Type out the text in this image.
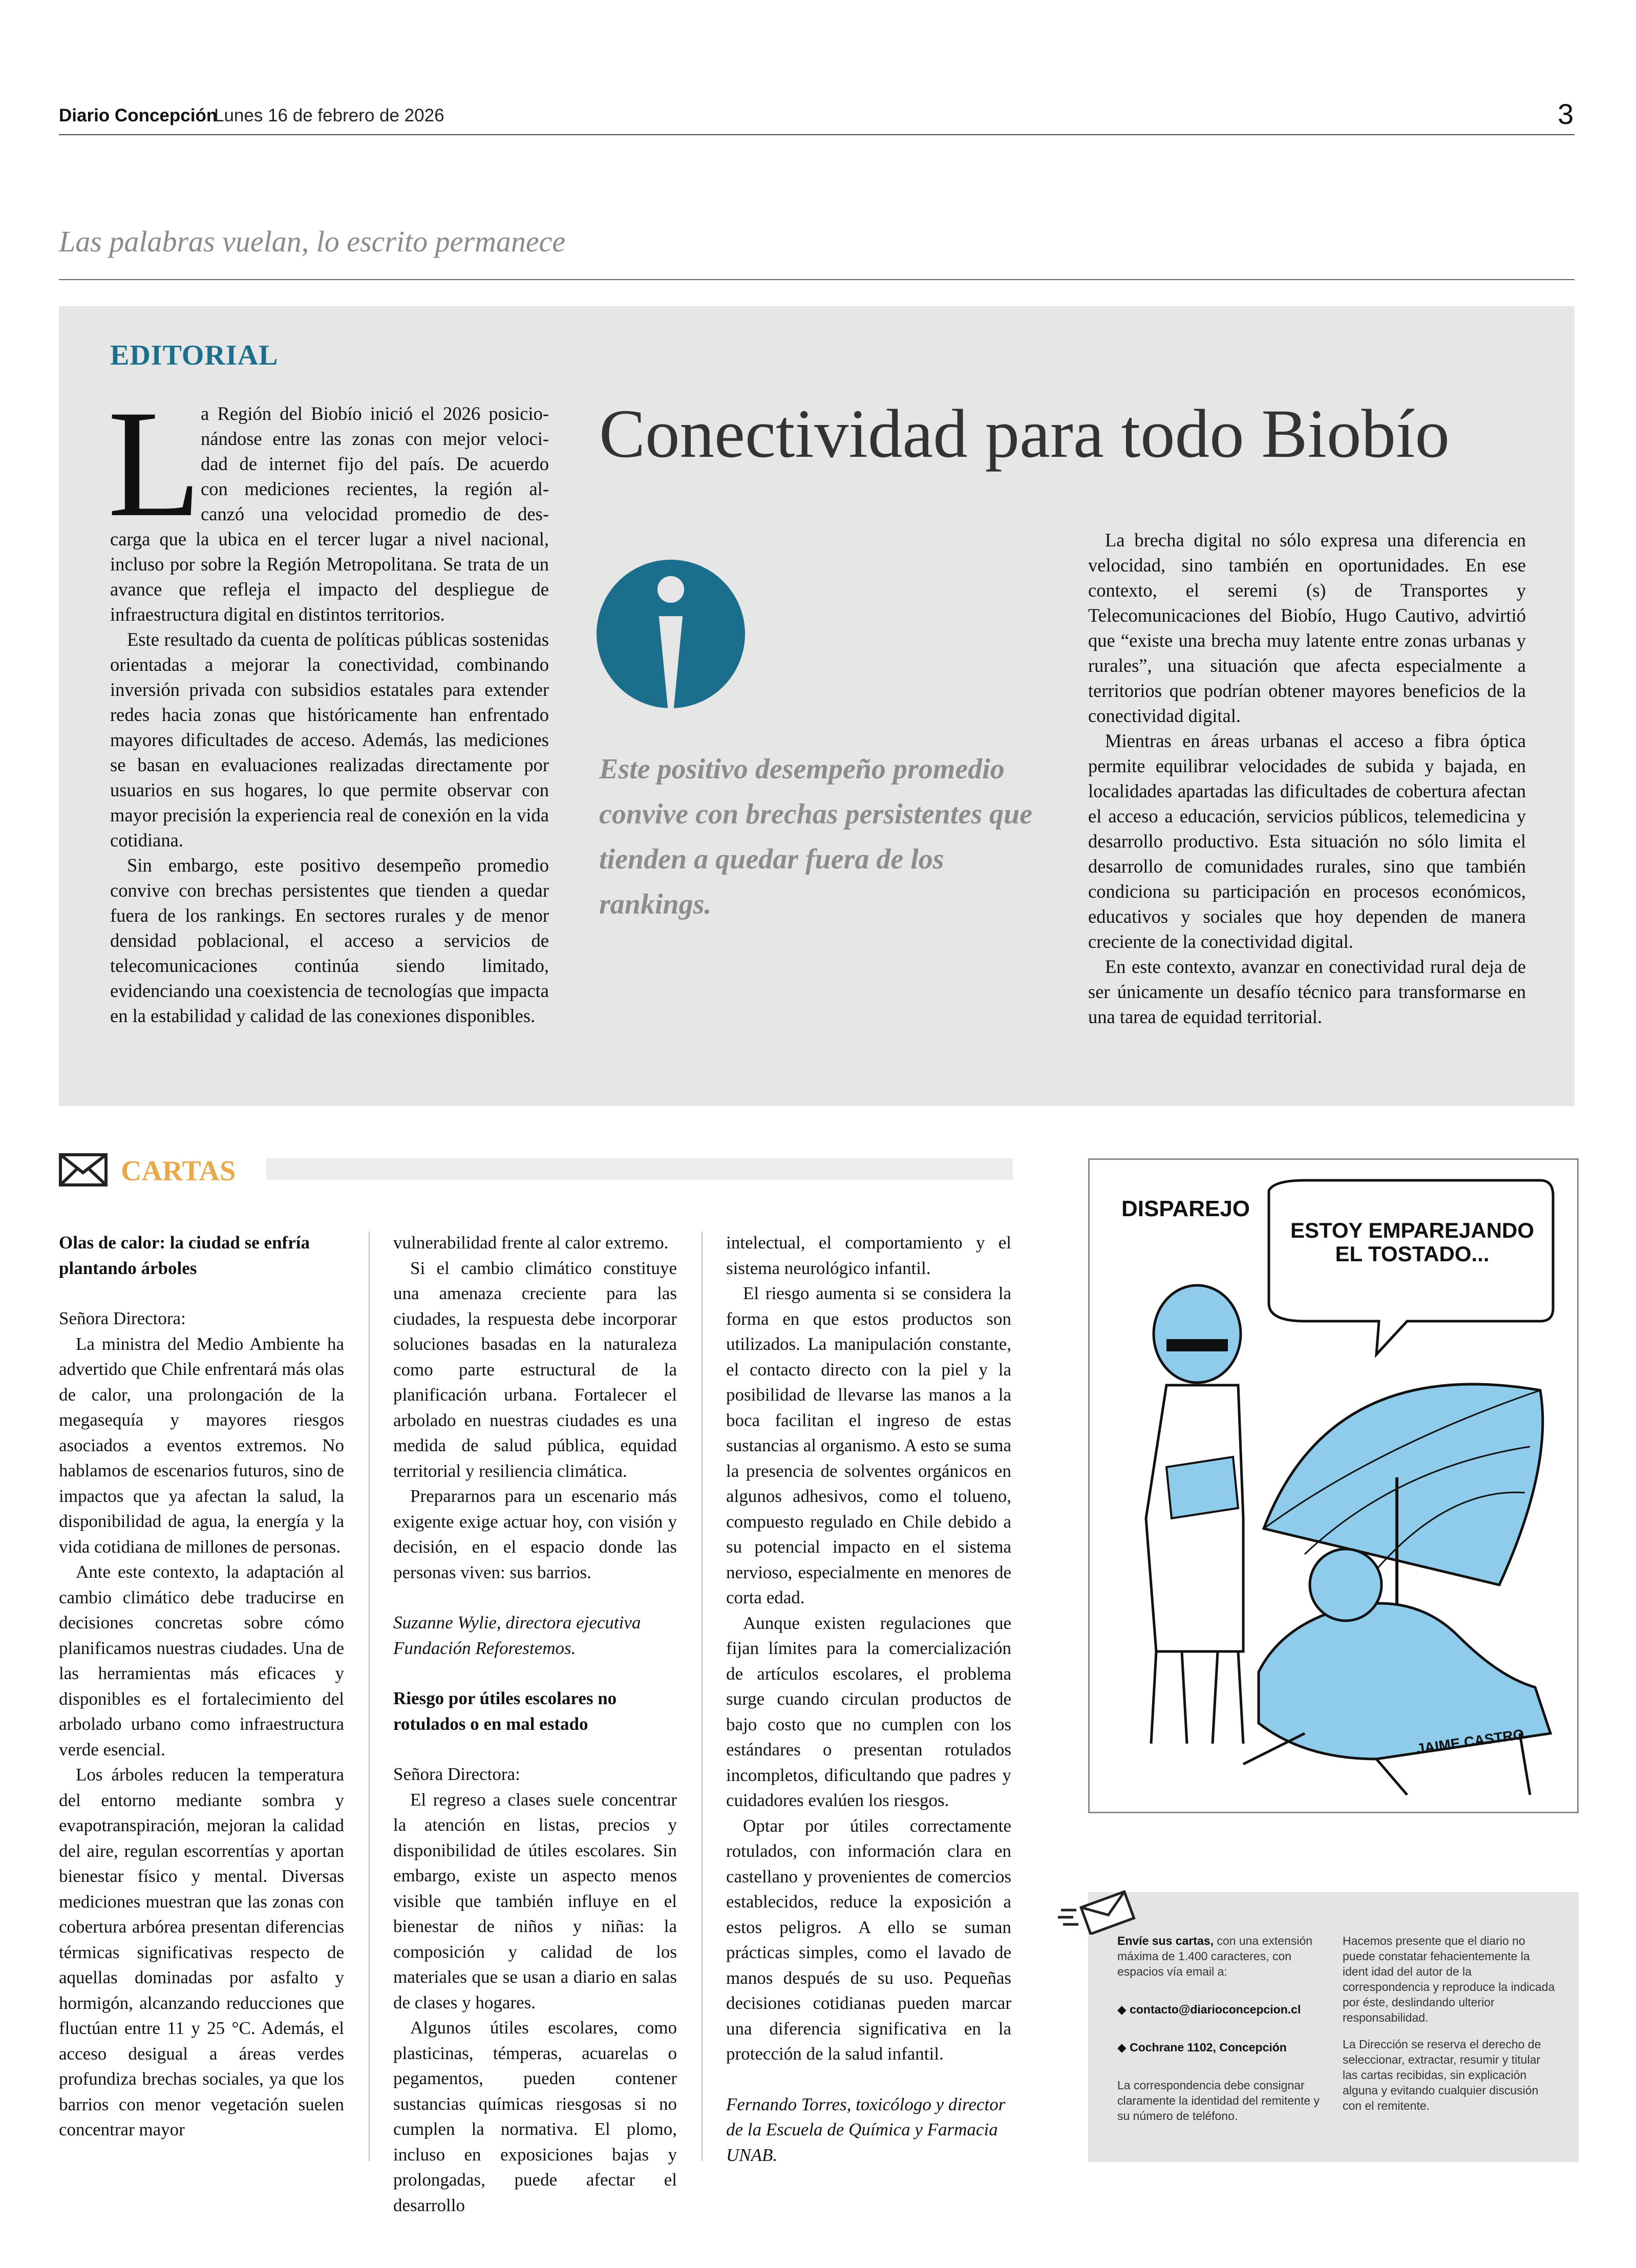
Diario Concepción
Lunes 16 de febrero de 2026	3
Las palabras vuelan, lo escrito permanece
EDITORIAL
Conectividad para todo Biobío
L
a Región del Biobío inició el 2026 posicio-
nándose entre las zonas con mejor veloci-
dad de internet fijo del país. De acuerdo
con mediciones recientes, la región al-
canzó una velocidad promedio de des-

carga que la ubica en el tercer lugar a nivel nacional, incluso por sobre la Región Metropolitana. Se trata de un avance que refleja el impacto del despliegue de infraestructura digital en distintos territorios.

Este resultado da cuenta de políticas públicas sostenidas orientadas a mejorar la conectividad, combinando inversión privada con subsidios estatales para extender redes hacia zonas que históricamente han enfrentado mayores dificultades de acceso. Además, las mediciones se basan en evaluaciones realizadas directamente por usuarios en sus hogares, lo que permite observar con mayor precisión la experiencia real de conexión en la vida cotidiana.

Sin embargo, este positivo desempeño promedio convive con brechas persistentes que tienden a quedar fuera de los rankings. En sectores rurales y de menor densidad poblacional, el acceso a servicios de telecomunicaciones continúa siendo limitado, evidenciando una coexistencia de tecnologías que impacta en la estabilidad y calidad de las conexiones disponibles.

Este positivo desempeño promedio convive con brechas persistentes que tienden a quedar fuera de los rankings.

La brecha digital no sólo expresa una diferencia en velocidad, sino también en oportunidades. En ese contexto, el seremi (s) de Transportes y Telecomunicaciones del Biobío, Hugo Cautivo, advirtió que “existe una brecha muy latente entre zonas urbanas y rurales”, una situación que afecta especialmente a territorios que podrían obtener mayores beneficios de la conectividad digital.

Mientras en áreas urbanas el acceso a fibra óptica permite equilibrar velocidades de subida y bajada, en localidades apartadas las dificultades de cobertura afectan el acceso a educación, servicios públicos, telemedicina y desarrollo productivo. Esta situación no sólo limita el desarrollo de comunidades rurales, sino que también condiciona su participación en procesos económicos, educativos y sociales que hoy dependen de manera creciente de la conectividad digital.

En este contexto, avanzar en conectividad rural deja de ser únicamente un desafío técnico para transformarse en una tarea de equidad territorial.

CARTAS

Olas de calor: la ciudad se enfría plantando árboles

Señora Directora:

La ministra del Medio Ambiente ha advertido que Chile enfrentará más olas de calor, una prolongación de la megasequía y mayores riesgos asociados a eventos extremos. No hablamos de escenarios futuros, sino de impactos que ya afectan la salud, la disponibilidad de agua, la energía y la vida cotidiana de millones de personas.

Ante este contexto, la adaptación al cambio climático debe traducirse en decisiones concretas sobre cómo planificamos nuestras ciudades. Una de las herramientas más eficaces y disponibles es el fortalecimiento del arbolado urbano como infraestructura verde esencial.

Los árboles reducen la temperatura del entorno mediante sombra y evapotranspiración, mejoran la calidad del aire, regulan escorrentías y aportan bienestar físico y mental. Diversas mediciones muestran que las zonas con cobertura arbórea presentan diferencias térmicas significativas respecto de aquellas dominadas por asfalto y hormigón, alcanzando reducciones que fluctúan entre 11 y 25 °C. Además, el acceso desigual a áreas verdes profundiza brechas sociales, ya que los barrios con menor vegetación suelen concentrar mayor

vulnerabilidad frente al calor extremo.

Si el cambio climático constituye una amenaza creciente para las ciudades, la respuesta debe incorporar soluciones basadas en la naturaleza como parte estructural de la planificación urbana. Fortalecer el arbolado en nuestras ciudades es una medida de salud pública, equidad territorial y resiliencia climática.

Prepararnos para un escenario más exigente exige actuar hoy, con visión y decisión, en el espacio donde las personas viven: sus barrios.

Suzanne Wylie, directora ejecutiva Fundación Reforestemos.

Riesgo por útiles escolares no rotulados o en mal estado

Señora Directora:

El regreso a clases suele concentrar la atención en listas, precios y disponibilidad de útiles escolares. Sin embargo, existe un aspecto menos visible que también influye en el bienestar de niños y niñas: la composición y calidad de los materiales que se usan a diario en salas de clases y hogares.

Algunos útiles escolares, como plasticinas, témperas, acuarelas o pegamentos, pueden contener sustancias químicas riesgosas si no cumplen la normativa. El plomo, incluso en exposiciones bajas y prolongadas, puede afectar el desarrollo

intelectual, el comportamiento y el sistema neurológico infantil.

El riesgo aumenta si se considera la forma en que estos productos son utilizados. La manipulación constante, el contacto directo con la piel y la posibilidad de llevarse las manos a la boca facilitan el ingreso de estas sustancias al organismo. A esto se suma la presencia de solventes orgánicos en algunos adhesivos, como el tolueno, compuesto regulado en Chile debido a su potencial impacto en el sistema nervioso, especialmente en menores de corta edad.

Aunque existen regulaciones que fijan límites para la comercialización de artículos escolares, el problema surge cuando circulan productos de bajo costo que no cumplen con los estándares o presentan rotulados incompletos, dificultando que padres y cuidadores evalúen los riesgos.

Optar por útiles correctamente rotulados, con información clara en castellano y provenientes de comercios establecidos, reduce la exposición a estos peligros. A ello se suman prácticas simples, como el lavado de manos después de su uso. Pequeñas decisiones cotidianas pueden marcar una diferencia significativa en la protección de la salud infantil.

Fernando Torres, toxicólogo y director de la Escuela de Química y Farmacia UNAB.

DISPAREJO
ESTOY EMPAREJANDO EL TOSTADO...
JAIME CASTRO
Envíe sus cartas, con una extensión máxima de 1.400 caracteres, con espacios vía email a:
◆ contacto@diarioconcepcion.cl
◆ Cochrane 1102, Concepción
La correspondencia debe consignar claramente la identidad del remitente y su número de teléfono.
Hacemos presente que el diario no puede constatar fehacientemente la ident idad del autor de la correspondencia y reproduce la indicada por éste, deslindando ulterior responsabilidad.
La Dirección se reserva el derecho de seleccionar, extractar, resumir y titular las cartas recibidas, sin explicación alguna y evitando cualquier discusión con el remitente.
